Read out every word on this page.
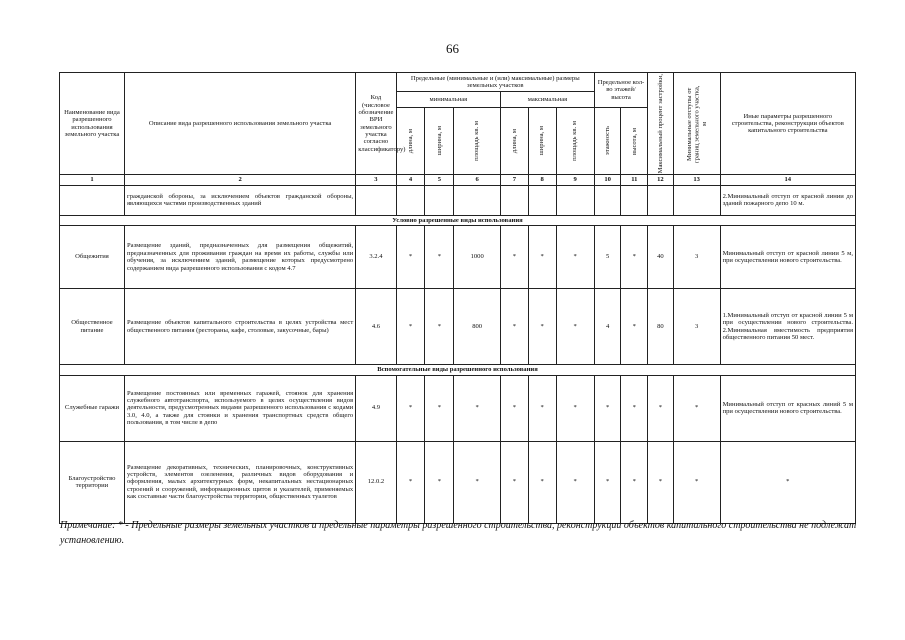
66
Наименование вида разрешенного использования земельного участка	Описание вида разрешенного использования земельного участка	Код (числовое обозначение ВРИ земельного участка согласно классификатору)	Предельные (минимальные и (или) максимальные) размеры земельных участков						Предельное кол-во этажей/ высота		Максимальный процент застройки,	Минимальные отступы от границ земельного участка, м	Иные параметры разрешенного строительства, реконструкции объектов капитального строительства
			минимальная			максимальная							

			длина, м	ширина, м	площадь кв. м	длина, м	ширина, м	площадь кв. м	этажность	высота, м			

1	2	3	4	5	6	7	8	9	10	11	12	13	14
	гражданской обороны, за исключением объектов гражданской обороны, являющихся частями производственных зданий												2.Минимальный отступ от красной линии до зданий пожарного депо 10 м.
Условно разрешенные виды использования													
Общежития	Размещение зданий, предназначенных для размещения общежитий, предназначенных для проживания граждан на время их работы, службы или обучения, за исключением зданий, размещение которых предусмотрено содержанием вида разрешенного использования с кодом 4.7	3.2.4	*	*	1000	*	*	*	5	*	40	3	Минимальный отступ от красной линии 5 м, при осуществлении нового строительства.
Общественное питание	Размещение объектов капитального строительства в целях устройства мест общественного питания (рестораны, кафе, столовые, закусочные, бары)	4.6	*	*	800	*	*	*	4	*	80	3	1.Минимальный отступ от красной линии 5 м при осуществлении нового строительства. 2.Минимальная вместимость предприятия общественного питания 50 мест.
Вспомогательные виды разрешенного использования													
Служебные гаражи	Размещение постоянных или временных гаражей, стоянок для хранения служебного автотранспорта, используемого в целях осуществления видов деятельности, предусмотренных видами разрешенного использования с кодами 3.0, 4.0, а также для стоянки и хранения транспортных средств общего пользования, в том числе в депо	4.9	*	*	*	*	*	*	*	*	*	*	Минимальный отступ от красных линий 5 м при осуществлении нового строительства.
Благоустройство территории	Размещение декоративных, технических, планировочных, конструктивных устройств, элементов озеленения, различных видов оборудования и оформления, малых архитектурных форм, некапитальных нестационарных строений и сооружений, информационных щитов и указателей, применяемых как составные части благоустройства территории, общественных туалетов	12.0.2	*	*	*	*	*	*	*	*	*	*	*
Примечание: * - Предельные размеры земельных участков и предельные параметры разрешенного строительства, реконструкции объектов капитального строительства не подлежат установлению.
